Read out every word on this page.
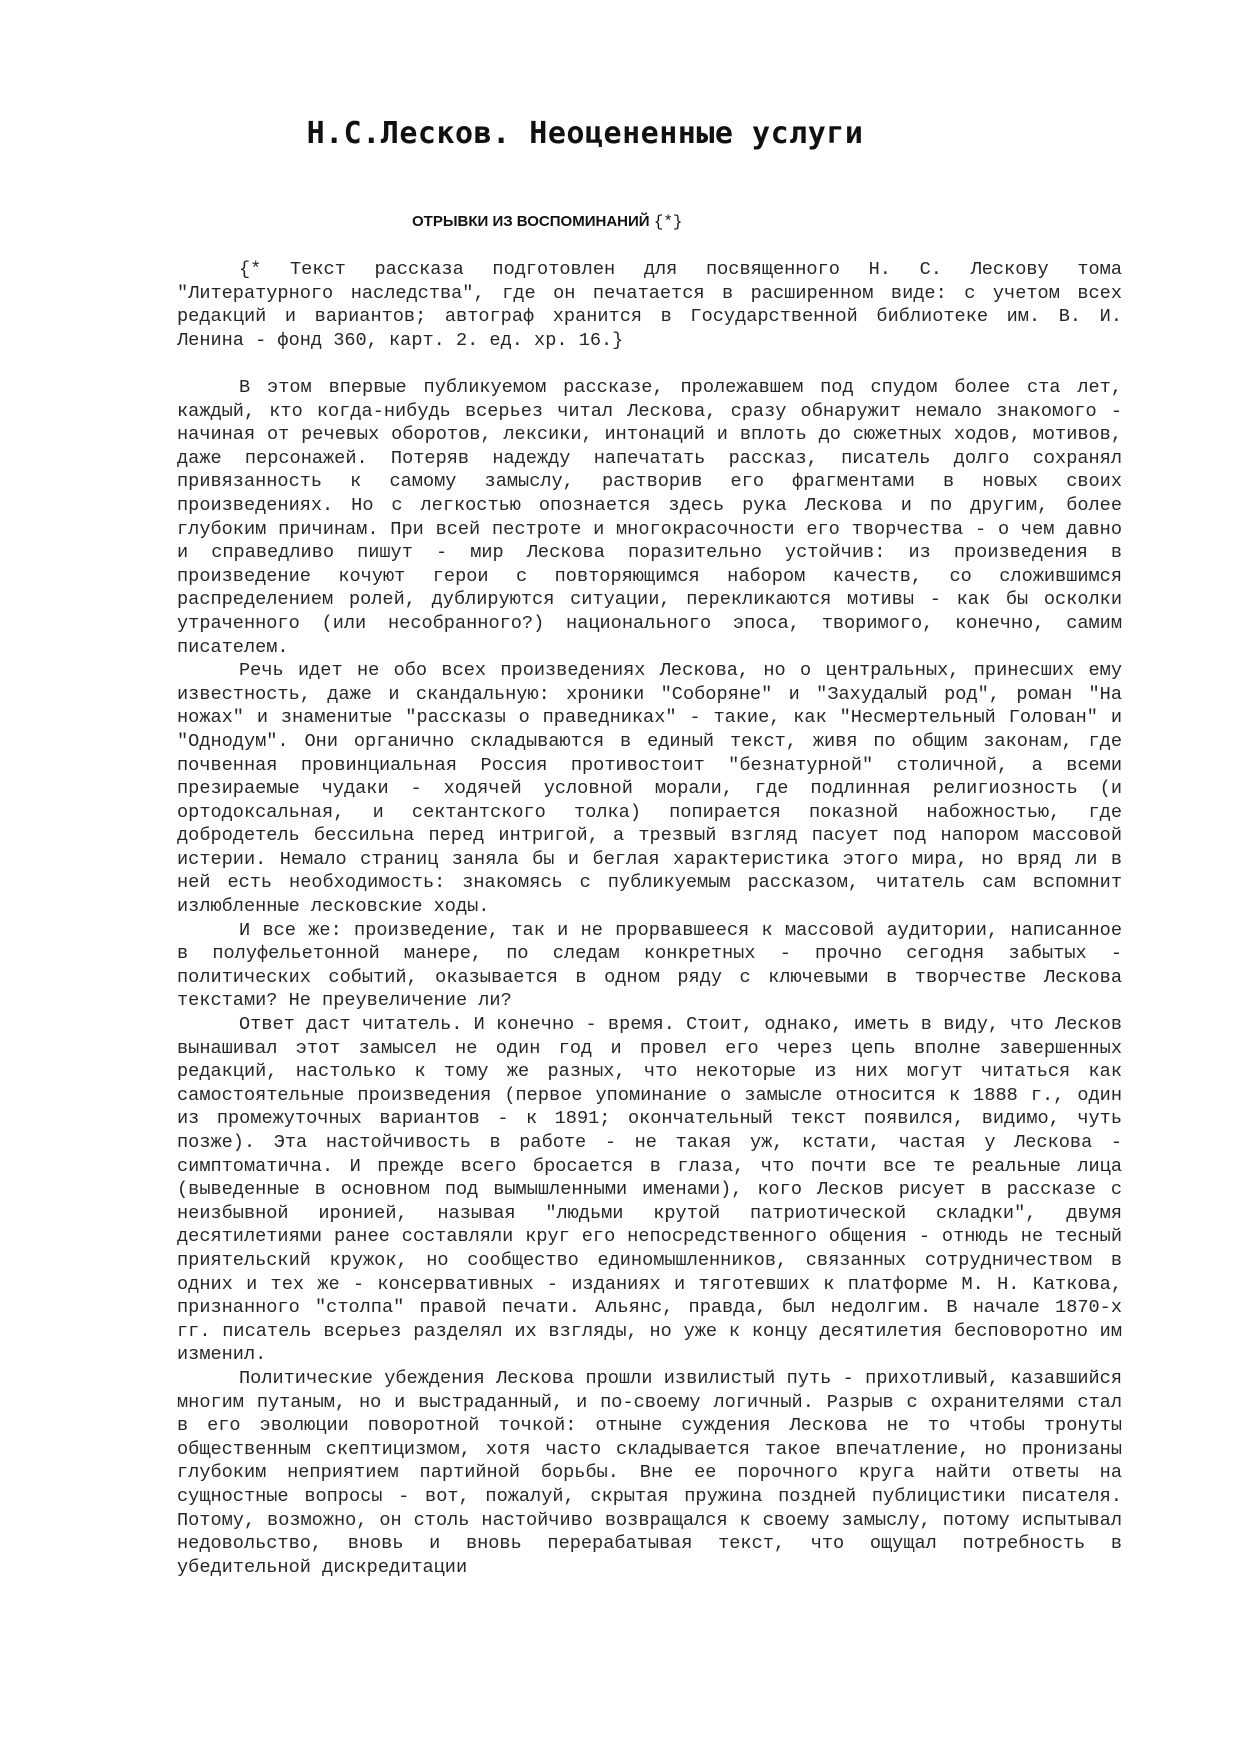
Н.С.Лесков. Неоцененные услуги
ОТРЫВКИ ИЗ ВОСПОМИНАНИЙ {*}

{* Текст рассказа подготовлен для посвященного Н. С. Лескову тома "Литературного наследства", где он печатается в расширенном виде: с учетом всех редакций и вариантов; автограф хранится в Государственной библиотеке им. В. И. Ленина - фонд 360, карт. 2. ед. хр. 16.}

В этом впервые публикуемом рассказе, пролежавшем под спудом более ста лет, каждый, кто когда-нибудь всерьез читал Лескова, сразу обнаружит немало знакомого - начиная от речевых оборотов, лексики, интонаций и вплоть до сюжетных ходов, мотивов, даже персонажей. Потеряв надежду напечатать рассказ, писатель долго сохранял привязанность к самому замыслу, растворив его фрагментами в новых своих произведениях. Но с легкостью опознается здесь рука Лескова и по другим, более глубоким причинам. При всей пестроте и многокрасочности его творчества - о чем давно и справедливо пишут - мир Лескова поразительно устойчив: из произведения в произведение кочуют герои с повторяющимся набором качеств, со сложившимся распределением ролей, дублируются ситуации, перекликаются мотивы - как бы осколки утраченного (или несобранного?) национального эпоса, творимого, конечно, самим писателем.

Речь идет не обо всех произведениях Лескова, но о центральных, принесших ему известность, даже и скандальную: хроники "Соборяне" и "Захудалый род", роман "На ножах" и знаменитые "рассказы о праведниках" - такие, как "Несмертельный Голован" и "Однодум". Они органично складываются в единый текст, живя по общим законам, где почвенная провинциальная Россия противостоит "безнатурной" столичной, а всеми презираемые чудаки - ходячей условной морали, где подлинная религиозность (и ортодоксальная, и сектантского толка) попирается показной набожностью, где добродетель бессильна перед интригой, а трезвый взгляд пасует под напором массовой истерии. Немало страниц заняла бы и беглая характеристика этого мира, но вряд ли в ней есть необходимость: знакомясь с публикуемым рассказом, читатель сам вспомнит излюбленные лесковские ходы.

И все же: произведение, так и не прорвавшееся к массовой аудитории, написанное в полуфельетонной манере, по следам конкретных - прочно сегодня забытых - политических событий, оказывается в одном ряду с ключевыми в творчестве Лескова текстами? Не преувеличение ли?

Ответ даст читатель. И конечно - время. Стоит, однако, иметь в виду, что Лесков вынашивал этот замысел не один год и провел его через цепь вполне завершенных редакций, настолько к тому же разных, что некоторые из них могут читаться как самостоятельные произведения (первое упоминание о замысле относится к 1888 г., один из промежуточных вариантов - к 1891; окончательный текст появился, видимо, чуть позже). Эта настойчивость в работе - не такая уж, кстати, частая у Лескова - симптоматична. И прежде всего бросается в глаза, что почти все те реальные лица (выведенные в основном под вымышленными именами), кого Лесков рисует в рассказе с неизбывной иронией, называя "людьми крутой патриотической складки", двумя десятилетиями ранее составляли круг его непосредственного общения - отнюдь не тесный приятельский кружок, но сообщество единомышленников, связанных сотрудничеством в одних и тех же - консервативных - изданиях и тяготевших к платформе М. Н. Каткова, признанного "столпа" правой печати. Альянс, правда, был недолгим. В начале 1870-х гг. писатель всерьез разделял их взгляды, но уже к концу десятилетия бесповоротно им изменил.

Политические убеждения Лескова прошли извилистый путь - прихотливый, казавшийся многим путаным, но и выстраданный, и по-своему логичный. Разрыв с охранителями стал в его эволюции поворотной точкой: отныне суждения Лескова не то чтобы тронуты общественным скептицизмом, хотя часто складывается такое впечатление, но пронизаны глубоким неприятием партийной борьбы. Вне ее порочного круга найти ответы на сущностные вопросы - вот, пожалуй, скрытая пружина поздней публицистики писателя. Потому, возможно, он столь настойчиво возвращался к своему замыслу, потому испытывал недовольство, вновь и вновь перерабатывая текст, что ощущал потребность в убедительной дискредитации
